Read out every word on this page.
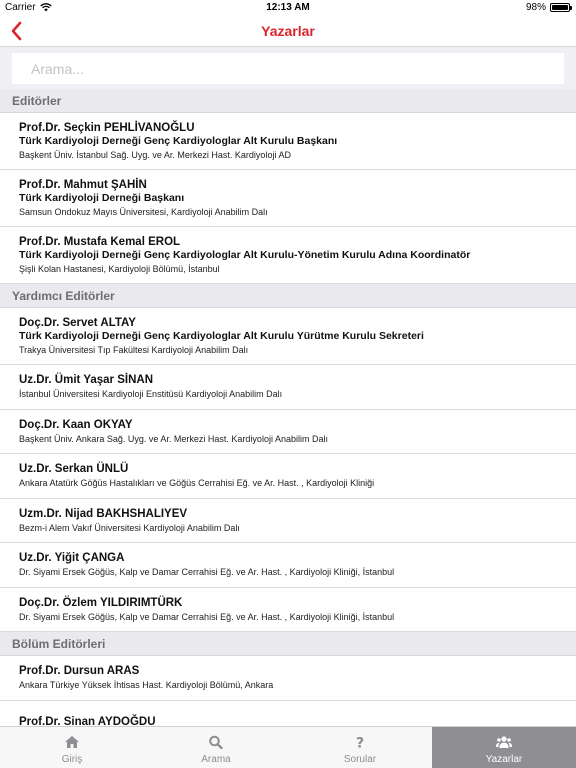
Carrier	12:13 AM	98%
Yazarlar
Arama...
Editörler
Prof.Dr. Seçkin PEHLİVANOĞLU
Türk Kardiyoloji Derneği Genç Kardiyologlar Alt Kurulu Başkanı
Başkent Üniv. İstanbul Sağ. Uyg. ve Ar. Merkezi Hast. Kardiyoloji AD
Prof.Dr. Mahmut ŞAHİN
Türk Kardiyoloji Derneği Başkanı
Samsun Ondokuz Mayıs Üniversitesi, Kardiyoloji Anabilim Dalı
Prof.Dr. Mustafa Kemal EROL
Türk Kardiyoloji Derneği Genç Kardiyologlar Alt Kurulu-Yönetim Kurulu Adına Koordinatör
Şişli Kolan Hastanesi, Kardiyoloji Bölümü, İstanbul
Yardımcı Editörler
Doç.Dr. Servet ALTAY
Türk Kardiyoloji Derneği Genç Kardiyologlar Alt Kurulu Yürütme Kurulu Sekreteri
Trakya Üniversitesi Tıp Fakültesi Kardiyoloji Anabilim Dalı
Uz.Dr. Ümit Yaşar SİNAN
İstanbul Üniversitesi Kardiyoloji Enstitüsü Kardiyoloji Anabilim Dalı
Doç.Dr. Kaan OKYAY
Başkent Üniv. Ankara Sağ. Uyg. ve Ar. Merkezi Hast. Kardiyoloji Anabilim Dalı
Uz.Dr. Serkan ÜNLÜ
Ankara Atatürk Göğüs Hastalıkları ve Göğüs Cerrahisi Eğ. ve Ar. Hast. , Kardiyoloji Kliniği
Uzm.Dr. Nijad BAKHSHALIYEV
Bezm-i Alem Vakıf Üniversitesi Kardiyoloji Anabilim Dalı
Uz.Dr. Yiğit ÇANGA
Dr. Siyami Ersek Göğüs, Kalp ve Damar Cerrahisi Eğ. ve Ar. Hast. , Kardiyoloji Kliniği, İstanbul
Doç.Dr. Özlem YILDIRIMTÜRK
Dr. Siyami Ersek Göğüs, Kalp ve Damar Cerrahisi Eğ. ve Ar. Hast. , Kardiyoloji Kliniği, İstanbul
Bölüm Editörleri
Prof.Dr. Dursun ARAS
Ankara Türkiye Yüksek İhtisas Hast. Kardiyoloji Bölümü, Ankara
Prof.Dr. Sinan AYDOĞDU
Giriş	Arama
?
Sorular	Yazarlar
